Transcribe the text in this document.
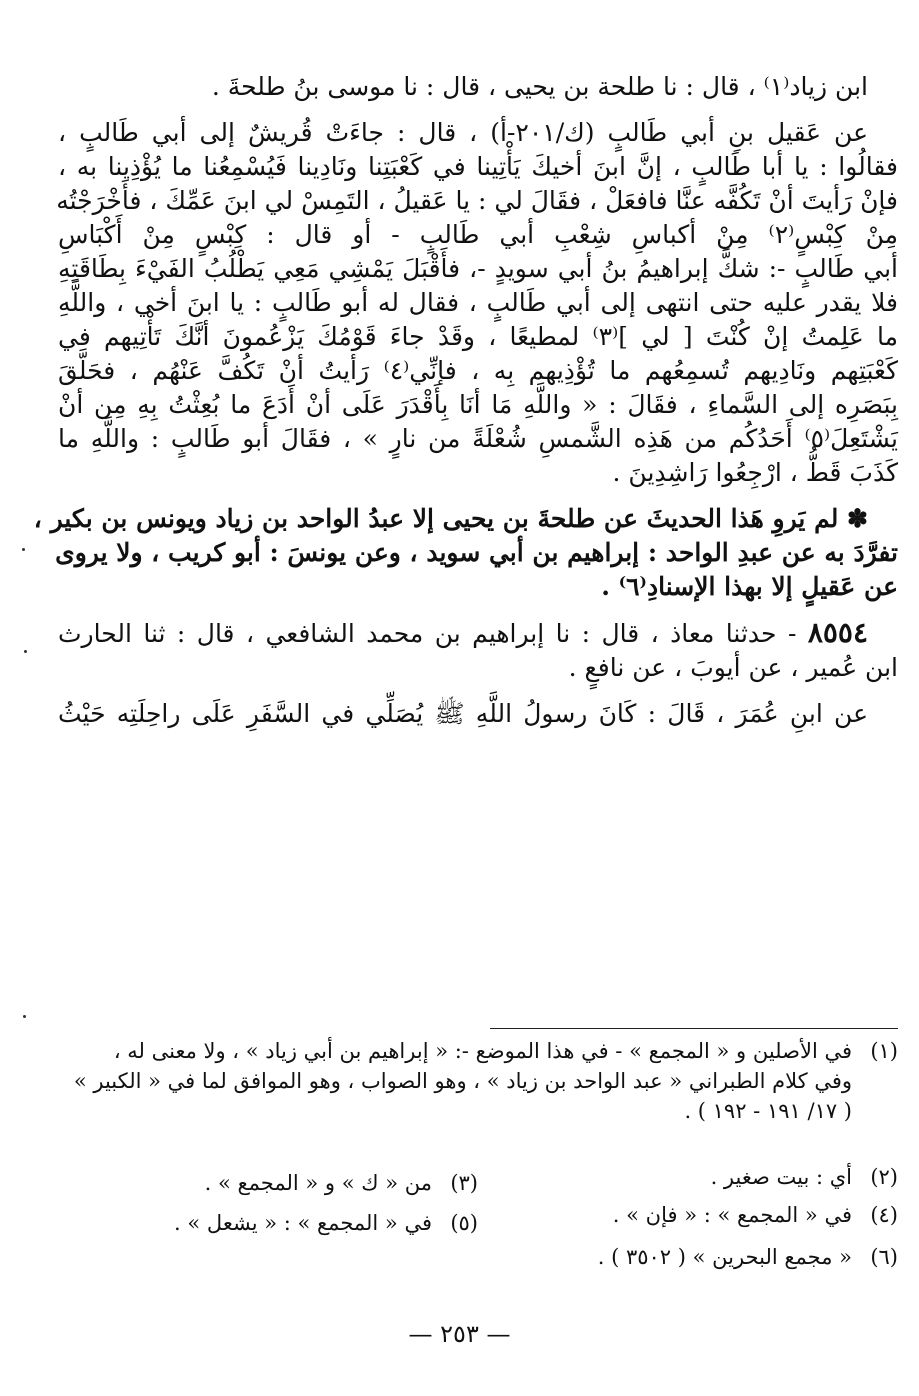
ابن زياد⁽١⁾ ، قال : نا طلحة بن يحيى ، قال : نا موسى بنُ طلحةَ .
عن عَقيل بنِ أبي طَالبٍ (ك/٢٠١-أ) ، قال : جاءَتْ قُريشٌ إلى أبي طَالبٍ ،
فقالُوا : يا أبا طَالبٍ ، إنَّ ابنَ أخيكَ يَأْتِينا في كَعْبَتِنا ونَادِينا فَيُسْمِعُنا ما يُؤْذِينا به ،
فإنْ رَأيتَ أنْ تَكُفَّه عنَّا فافعَلْ ، فقَالَ لي : يا عَقيلُ ، التَمِسْ لي ابنَ عَمِّكَ ، فأَخْرَجْتُه
مِنْ كِبْسٍ⁽٢⁾ مِنْ أكباسِ شِعْبِ أبي طَالبٍ - أو قال : كِبْسٍ مِنْ أَكْبَاسِ
أبي طَالبٍ -: شكَّ إبراهيمُ بنُ أبي سويدٍ -، فأَقْبَلَ يَمْشِي مَعِي يَطْلُبُ الفَيْءَ بِطَاقَتِهِ
فلا يقدر عليه حتى انتهى إلى أبي طَالبٍ ، فقال له أبو طَالبٍ : يا ابنَ أخي ، واللَّهِ
ما عَلِمتُ إنْ كُنْتَ [ لي ]⁽٣⁾ لمطيعًا ، وقَدْ جاءَ قَوْمُكَ يَزْعُمونَ أنَّكَ تَأْتِيهم في
كَعْبَتِهم ونَادِيهم تُسمِعُهم ما تُؤْذِيهم بِه ، فإنِّي⁽٤⁾ رَأيتُ أنْ تَكُفَّ عَنْهُم ، فحَلَّقَ
بِبَصَرِه إلى السَّماءِ ، فقَالَ : « واللَّهِ مَا أنَا بِأَقْدَرَ عَلَى أنْ أَدَعَ ما بُعِثْتُ بِهِ مِن أنْ
يَشْتَعِلَ⁽٥⁾ أَحَدُكُم من هَذِه الشَّمسِ شُعْلَةً من نارٍ » ، فقَالَ أبو طَالبٍ : واللَّهِ ما
كَذَبَ قَطُّ ، ارْجِعُوا رَاشِدِينَ .
✽ لم يَروِ هَذا الحديثَ عن طلحةَ بن يحيى إلا عبدُ الواحد بن زياد ويونس بن بكير ،
تفرَّدَ به عن عبدِ الواحد : إبراهيم بن أبي سويد ، وعن يونسَ : أبو كريب ، ولا يروى
عن عَقيلٍ إلا بهذا الإسنادِ⁽٦⁾ .
٨٥٥٤ - حدثنا معاذ ، قال : نا إبراهيم بن محمد الشافعي ، قال : ثنا الحارث
ابن عُمير ، عن أيوبَ ، عن نافعٍ .
عن ابنِ عُمَرَ ، قَالَ : كَانَ رسولُ اللَّهِ ﷺ يُصَلِّي في السَّفَرِ عَلَى راحِلَتِه حَيْثُ
(١)
في الأصلين و « المجمع » - في هذا الموضع -: « إبراهيم بن أبي زياد » ، ولا معنى له ،
وفي كلام الطبراني « عبد الواحد بن زياد » ، وهو الصواب ، وهو الموافق لما في « الكبير »
( ١٧/ ١٩١ - ١٩٢ ) .
(٢)
أي : بيت صغير .
(٣)
من « ك » و « المجمع » .
(٤)
في « المجمع » : « فإن » .
(٥)
في « المجمع » : « يشعل » .
(٦)
« مجمع البحرين » ( ٣٥٠٢ ) .
— ٢٥٣ —
